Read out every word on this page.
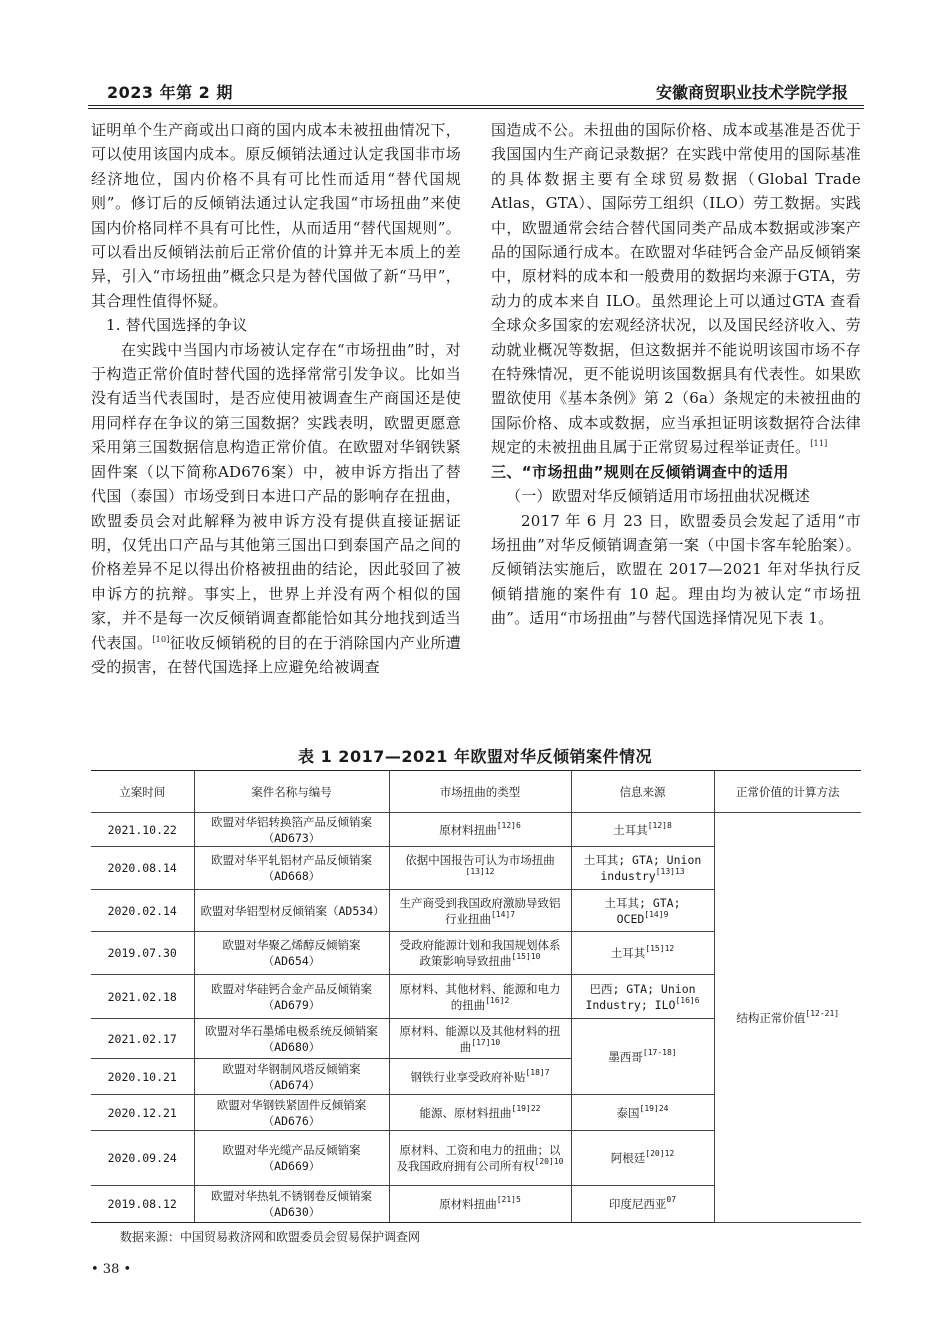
2023 年第 2 期	安徽商贸职业技术学院学报

证明单个生产商或出口商的国内成本未被扭曲情况下，可以使用该国内成本。原反倾销法通过认定我国非市场经济地位，国内价格不具有可比性而适用“替代国规则”。修订后的反倾销法通过认定我国“市场扭曲”来使国内价格同样不具有可比性，从而适用“替代国规则”。可以看出反倾销法前后正常价值的计算并无本质上的差异，引入“市场扭曲”概念只是为替代国做了新“马甲”，其合理性值得怀疑。

1. 替代国选择的争议

在实践中当国内市场被认定存在“市场扭曲”时，对于构造正常价值时替代国的选择常常引发争议。比如当没有适当代表国时，是否应使用被调查生产商国还是使用同样存在争议的第三国数据？实践表明，欧盟更愿意采用第三国数据信息构造正常价值。在欧盟对华钢铁紧固件案（以下简称AD676案）中，被申诉方指出了替代国（泰国）市场受到日本进口产品的影响存在扭曲，欧盟委员会对此解释为被申诉方没有提供直接证据证明，仅凭出口产品与其他第三国出口到泰国产品之间的价格差异不足以得出价格被扭曲的结论，因此驳回了被申诉方的抗辩。事实上，世界上并没有两个相似的国家，并不是每一次反倾销调查都能恰如其分地找到适当代表国。[10]征收反倾销税的目的在于消除国内产业所遭受的损害，在替代国选择上应避免给被调查

国造成不公。未扭曲的国际价格、成本或基准是否优于我国国内生产商记录数据？在实践中常使用的国际基准的具体数据主要有全球贸易数据（Global Trade Atlas，GTA）、国际劳工组织（ILO）劳工数据。实践中，欧盟通常会结合替代国同类产品成本数据或涉案产品的国际通行成本。在欧盟对华硅钙合金产品反倾销案中，原材料的成本和一般费用的数据均来源于GTA，劳动力的成本来自 ILO。虽然理论上可以通过GTA 查看全球众多国家的宏观经济状况，以及国民经济收入、劳动就业概况等数据，但这数据并不能说明该国市场不存在特殊情况，更不能说明该国数据具有代表性。如果欧盟欲使用《基本条例》第 2（6a）条规定的未被扭曲的国际价格、成本或数据，应当承担证明该数据符合法律规定的未被扭曲且属于正常贸易过程举证责任。[11]

三、“市场扭曲”规则在反倾销调查中的适用

（一）欧盟对华反倾销适用市场扭曲状况概述

2017 年 6 月 23 日，欧盟委员会发起了适用“市场扭曲”对华反倾销调查第一案（中国卡客车轮胎案）。反倾销法实施后，欧盟在 2017—2021 年对华执行反倾销措施的案件有 10 起。理由均为被认定“市场扭曲”。适用“市场扭曲”与替代国选择情况见下表 1。

表 1 2017—2021 年欧盟对华反倾销案件情况
立案时间	案件名称与编号	市场扭曲的类型	信息来源	正常价值的计算方法
2021.10.22	欧盟对华铝转换箔产品反倾销案（AD673）	原材料扭曲$^{[12]6}$	土耳其$^{[12]8}$	结构正常价值[12-21]
2020.08.14	欧盟对华平轧铝材产品反倾销案（AD668）	依据中国报告可认为市场扭曲$^{[13]12}$	土耳其; GTA; Union industry$^{[13]13}$
2020.02.14	欧盟对华铝型材反倾销案（AD534）	生产商受到我国政府激励导致铝行业扭曲$^{[14]7}$	土耳其; GTA; $OCED^{[14]9}$
2019.07.30	欧盟对华聚乙烯醇反倾销案（AD654）	受政府能源计划和我国规划体系政策影响导致扭曲$^{[15]10}$	土耳其$^{[15]12}$
2021.02.18	欧盟对华硅钙合金产品反倾销案（AD679）	原材料、其他材料、能源和电力的扭曲$^{[16]2}$	巴西; GTA; Union Industry; $ILO^{[16]6}$
2021.02.17	欧盟对华石墨烯电极系统反倾销案（AD680）	原材料、能源以及其他材料的扭曲$^{[17]10}$	墨西哥[17-18]
2020.10.21	欧盟对华钢制风塔反倾销案（AD674）	钢铁行业享受政府补贴$^{[18]7}$
2020.12.21	欧盟对华钢铁紧固件反倾销案（AD676）	能源、原材料扭曲$^{[19]22}$	泰国$^{[19]24}$
2020.09.24	欧盟对华光缆产品反倾销案（AD669）	原材料、工资和电力的扭曲；以及我国政府拥有公司所有权$^{[20]10}$	阿根廷$^{[20]12}$
2019.08.12	欧盟对华热轧不锈钢卷反倾销案（AD630）	原材料扭曲$^{[21]5}$	印度尼西亚$^{07}$
数据来源：中国贸易救济网和欧盟委员会贸易保护调查网
• 38 •
